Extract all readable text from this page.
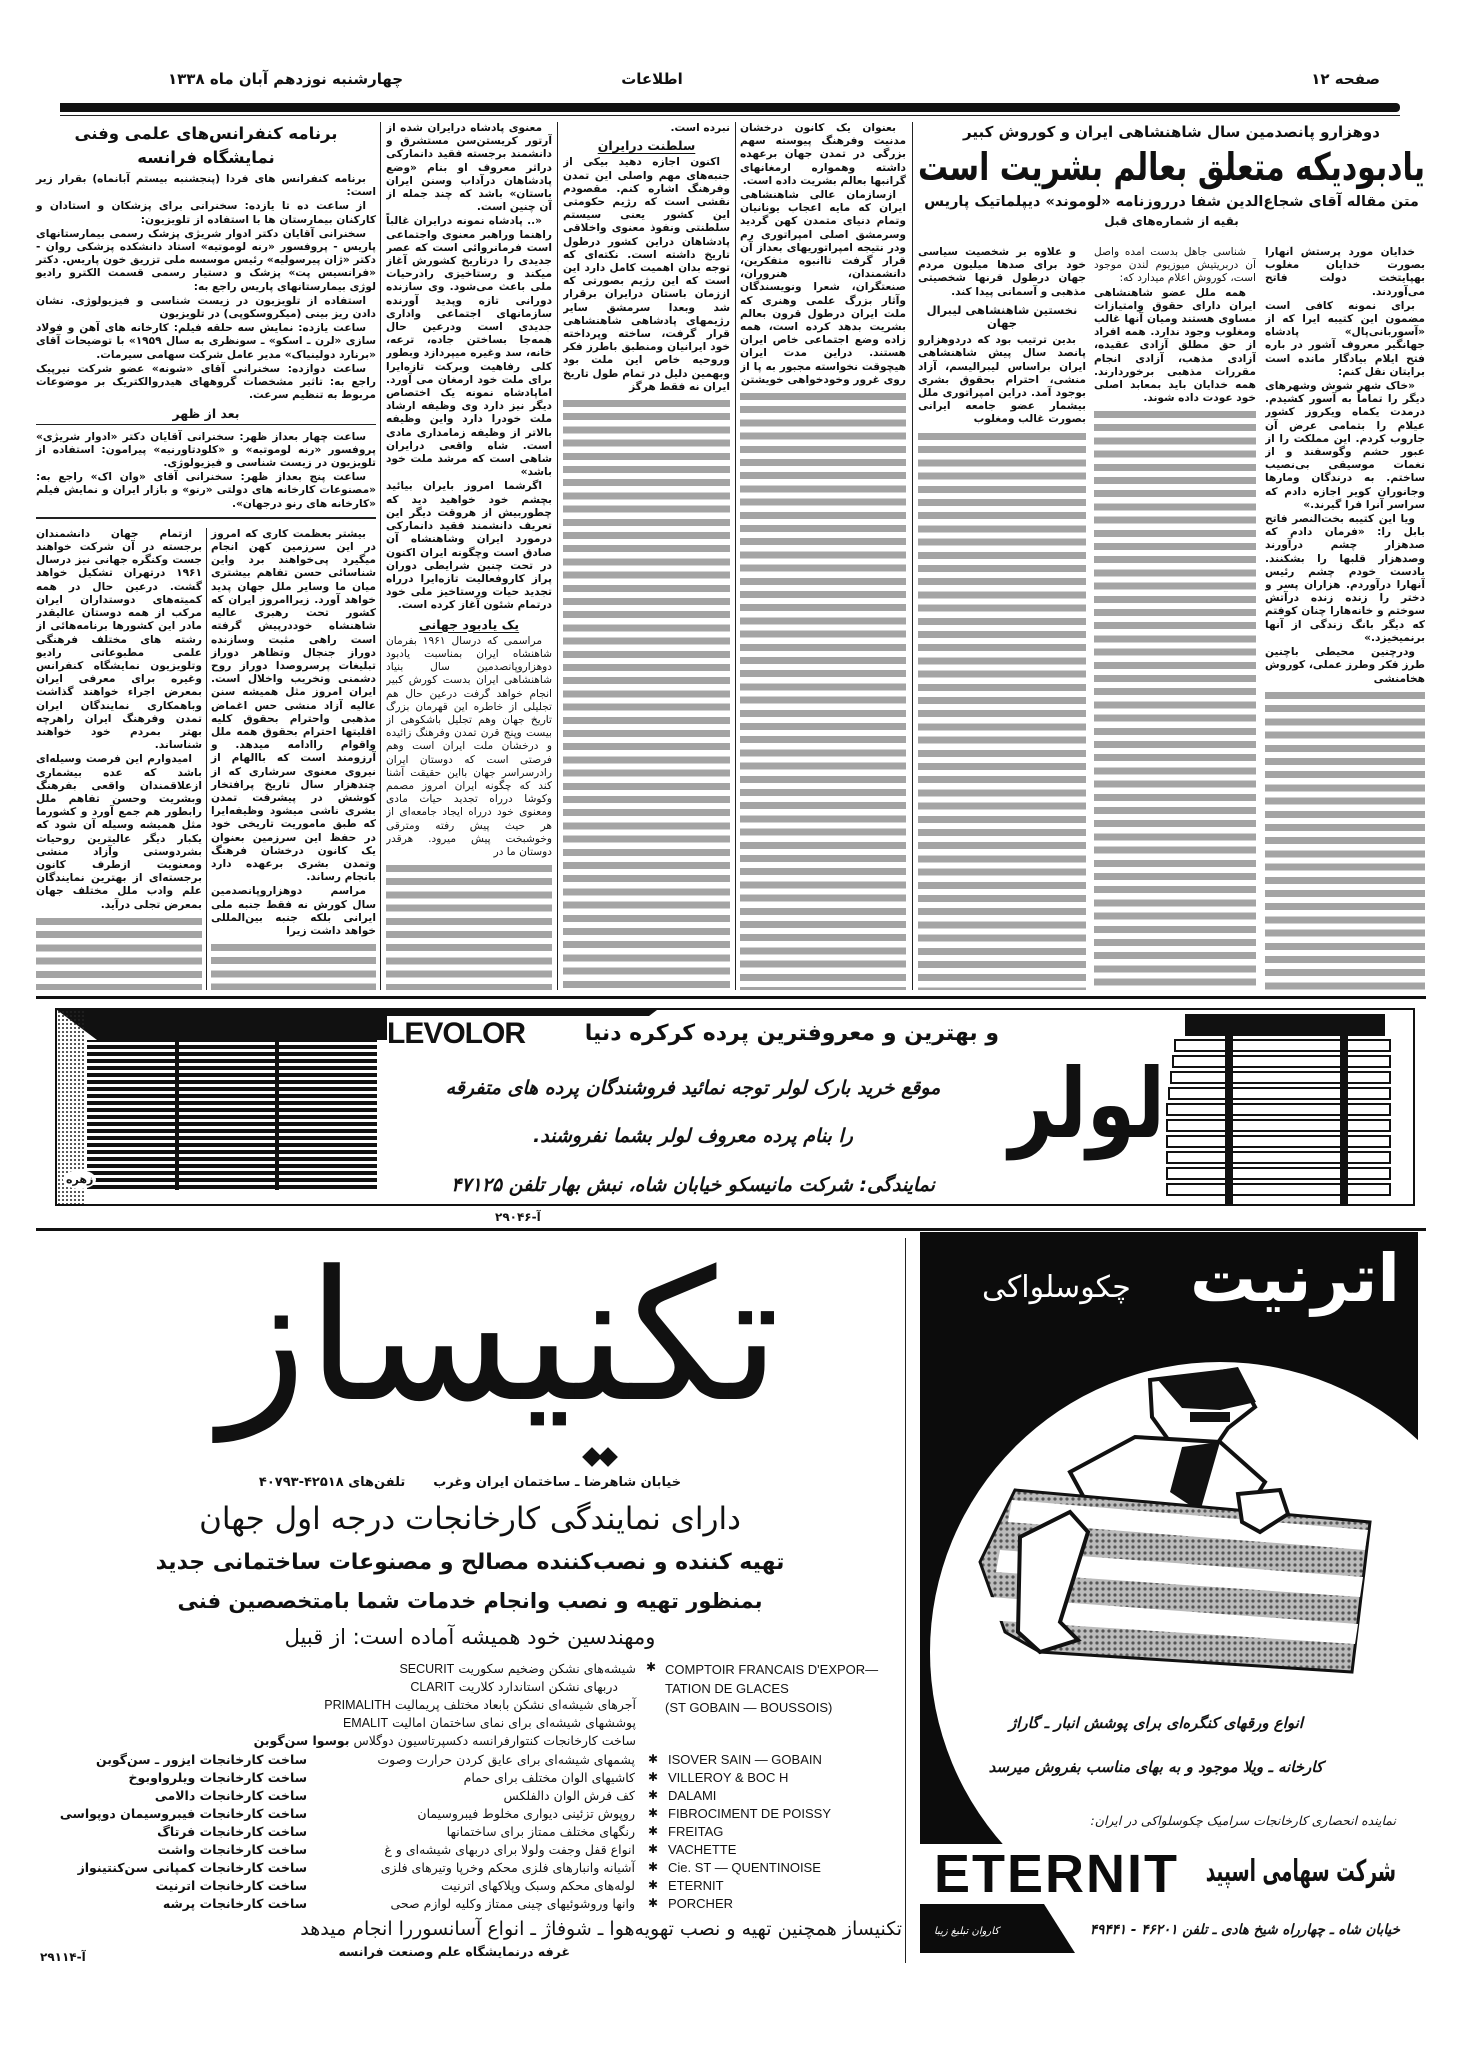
صفحه ۱۲
اطلاعات
چهارشنبه نوزدهم آبان ماه ۱۳۳۸
برنامه کنفرانس‌های علمی وفنی نمایشگاه فرانسه

برنامه کنفرانس های فردا (پنجشنبه بیستم آبانماه) بقرار زیر است:

از ساعت ده تا یازده: سخنرانی برای پزشکان و استادان و کارکنان بیمارستان ها با استفاده از تلویزیون:

سخنرانی آقایان دکتر ادوار شریژی پزشک رسمی بیمارستانهای پاریس - پروفسور «رنه لوموتیه» استاد دانشکده پزشکی روان - دکتر «ژان پیرسولیه» رئیس موسسه ملی تزریق خون پاریس. دکتر «فرانسیس پت» پزشک و دستیار رسمی قسمت الکترو رادیو لوژی بیمارستانهای پاریس راجع به:

استفاده از تلویزیون در زیست شناسی و فیزیولوژی. نشان دادن ریز بینی (میکروسکوپی) در تلویزیون

ساعت یازده: نمایش سه حلقه فیلم: کارخانه های آهن و فولاد سازی «لرن ـ اسکو» ـ سونظری به سال ۱۹۵۹» با توضیحات آقای «برنارد دولینیاک» مدیر عامل شرکت سهامی سیرمات.

ساعت دوازده: سخنرانی آقای «شونه» عضو شرکت نیرپیک راجع به: تاثیر مشخصات گروههای هیدروالکتریک بر موضوعات مربوط به تنظیم سرعت.

بعد از ظهر

ساعت چهار بعداز ظهر: سخنرانی آقایان دکتر «ادوار شریژی» پروفسور «رنه لوموتیه» و «کلودتاورنیه» پیرامون: استفاده از تلویزیون در زیست شناسی و فیزیولوژی.

ساعت پنج بعداز ظهر: سخنرانی آقای «وان اک» راجع به: «مصنوعات کارخانه های دولتی «رنو» و بازار ایران و نمایش فیلم «کارخانه های رنو درجهان».

ازتمام جهان دانشمندان برجسته در آن شرکت خواهند جست وکنگره جهانی نیز درسال ۱۹۶۱ درتهران تشکیل خواهد گشت. درعین حال در همه کمیته‌های دوستداران ایران مرکب از همه دوستان عالیقدر مادر این کشورها برنامه‌هائی از رشته های مختلف فرهنگی علمی مطبوعاتی رادیو وتلویزیون نمایشگاه کنفرانس وغیره برای معرفی ایران بمعرض اجراء خواهند گذاشت وباهمکاری نمایندگان ایران تمدن وفرهنگ ایران راهرچه بهتر بمردم خود خواهند شناساند.

امیدوارم این فرصت وسیله‌ای باشد که عده بیشماری ازعلاقمندان واقعی بفرهنگ وبشریت وحسن تفاهم ملل رابطور هم جمع آورد و کشورما مثل همیشه وسیله آن شود که یکبار دیگر عالیترین روحیات بشردوستی وآزاد منشی ومعنویت ازطرف کانون برجسته‌ای از بهترین نمایندگان علم وادب ملل مختلف جهان بمعرض تجلی درآید.

بیشتر بعظمت کاری که امروز در این سرزمین کهن انجام میگیرد پی‌خواهند برد واین شناسائی حسن تفاهم بیشتری میان ما وسایر ملل جهان پدید خواهد آورد. زیراامروز ایران که کشور تحت رهبری عالیه شاهنشاه خوددرپیش گرفته است راهی مثبت وسازنده دوراز جنجال وتظاهر دوراز تبلیغات پرسروصدا دوراز روح دشمنی وتخریب واخلال است. ایران امروز مثل همیشه سنن عالیه آزاد منشی حس اغماض مذهبی واحترام بحقوق کلیه اقلیتها احترام بحقوق همه ملل واقوام راادامه میدهد. و آرزومند است که باالهام از نیروی معنوی سرشاری که از چندهزار سال تاریخ پرافتخار کوشش در پیشرفت تمدن بشری ناشی میشود وظیفه‌ایرا که طبق ماموریت تاریخی خود در حفظ این سرزمین بعنوان یک کانون درخشان فرهنگ وتمدن بشری برعهده دارد بانجام رساند.

مراسم دوهزاروپانصدمین سال کورش نه فقط جنبه ملی ایرانی بلکه جنبه بین‌المللی خواهد داشت زیرا

معنوی پادشاه درایران شده از آرتور کریستن‌سن مستشرق و دانشمند برجسته فقید دانمارکی دراثر معروف او بنام «وضع پادشاهان درآداب وسنن ایران باستان» باشد که چند جمله از آن چنین است.

«.. پادشاه نمونه درایران غالباً راهنما وراهبر معنوی واجتماعی است فرمانروائی است که عصر جدیدی را درتاریخ کشورش آغاز میکند و رستاخیزی رادرحیات ملی باعث می‌شود. وی سازنده دورانی تازه وپدید آورنده سازمانهای اجتماعی واداری جدیدی است ودرعین حال همه‌جا بساختن جاده، ترعه، خانه، سد وغیره میپردازد وبطور کلی رفاهیت وبرکت تازه‌ایرا برای ملت خود ارمغان می آورد. اماپادشاه نمونه یک اختصاص دیگر نیز دارد وی وظیفه ارشاد ملت خودرا دارد واین وظیفه بالاتر از وظیفه زمامداری مادی است. شاه واقعی درایران شاهی است که مرشد ملت خود باشد»

اگرشما امروز بایران بیائید بچشم خود خواهید دید که چطوربیش از هروقت دیگر این تعریف دانشمند فقید دانمارکی درمورد ایران وشاهنشاه آن صادق است وچگونه ایران اکنون در تحت چنین شرایطی دوران پراز کاروفعالیت تازه‌ایرا درراه تجدید حیات ورستاخیز ملی خود درتمام شئون آغاز کرده است.

یک یادبود جهانی

مراسمی که درسال ۱۹۶۱ بفرمان شاهنشاه ایران بمناسبت یادبود دوهزاروپانصدمین سال بنیاد شاهنشاهی ایران بدست کورش کبیر انجام خواهد گرفت درعین حال هم تجلیلی از خاطره این قهرمان بزرگ تاریخ جهان وهم تجلیل باشکوهی از بیست وپنج قرن تمدن وفرهنگ زائیده و درخشان ملت ایران است وهم فرصتی است که دوستان ایران رادرسراسر جهان بااین حقیقت آشنا کند که چگونه ایران امروز مصمم وکوشا درراه تجدید حیات مادی ومعنوی خود درراه ایجاد جامعه‌ای از هر حیث پیش رفته ومترقی وخوشبخت پیش میرود. هرقدر دوستان ما در

نبرده است.
سلطنت درایران

اکنون اجازه دهید بیکی از جنبه‌های مهم واصلی این تمدن وفرهنگ اشاره کنم. مقصودم نقشی است که رژیم حکومتی این کشور یعنی سیستم سلطنتی ونفوذ معنوی واخلاقی پادشاهان دراین کشور درطول تاریخ داشته است. نکته‌ای که توجه بدان اهمیت کامل دارد این است که این رژیم بصورتی که اززمان باستان درایران برقرار شد وبعدا سرمشق سایر رژیمهای پادشاهی شاهنشاهی قرار گرفت، ساخته وپرداخته خود ایرانیان ومنطبق باطرز فکر وروحیه خاص این ملت بود وبهمین دلیل در تمام طول تاریخ ایران نه فقط هرگز

بعنوان یک کانون درخشان مدنیت وفرهنگ پیوسته سهم بزرگی در تمدن جهان برعهده داشته وهمواره ارمغانهای گرانبها بعالم بشریت داده است.

ازسازمان عالی شاهنشاهی ایران که مایه اعجاب یونانیان وتمام دنیای متمدن کهن گردید وسرمشق اصلی امپراتوری رم ودر نتیجه امپراتوریهای بعداز آن قرار گرفت تاانبوه متفکرین، دانشمندان، هنروران، صنعتگران، شعرا ونویسندگان وآثار بزرگ علمی وهنری که ملت ایران درطول قرون بعالم بشریت بدهد کرده است، همه زاده وضع اجتماعی خاص ایران هستند. دراین مدت ایران هیچوقت نخواسته مجبور به پا از روی غرور وخودخواهی خویشتن

دوهزارو پانصدمین سال شاهنشاهی ایران و کوروش کبیر
یادبودیکه متعلق بعالم بشریت است
متن مقاله آقای شجاع‌الدین شفا درروزنامه «لوموند» دیپلماتیک پاریس
بقیه از شماره‌های قبل

و علاوه بر شخصیت سیاسی خود برای صدها میلیون مردم جهان درطول قرنها شخصیتی مذهبی و آسمانی پیدا کند.

نخستین شاهنشاهی لیبرال جهان

بدین ترتیب بود که دردوهزارو پانصد سال پیش شاهنشاهی ایران براساس لیبرالیسم، آزاد منشی، احترام بحقوق بشری بوجود آمد. دراین امپراتوری ملل بیشمار عضو جامعه ایرانی بصورت غالب ومغلوب

شناسی جاهل بدست آمده واصل آن دربریتیش میوزیوم لندن موجود است، کوروش اعلام میدارد که:

همه ملل عضو شاهنشاهی ایران دارای حقوق وامتیازات مساوی هستند ومیان آنها غالب ومغلوب وجود ندارد. همه افراد از حق مطلق آزادی عقیده، آزادی مذهب، آزادی انجام مقررات مذهبی برخوردارند. همه خدایان باید بمعابد اصلی خود عودت داده شوند.

خدایان مورد پرستش آنهارا بصورت خدایان مغلوب بهپایتخت دولت فاتح می‌آوردند.

برای نمونه کافی است مضمون این کتیبه ایرا که از «آسوربانی‌پال» پادشاه جهانگیر معروف آشور در باره فتح ایلام بیادگار مانده است برایتان نقل کنم:

«خاک شهر شوش وشهرهای دیگر را تماماً به آسور کشیدم. درمدت یکماه ویکروز کشور عیلام را بتمامی عرض آن جاروب کردم. این مملکت را از عبور حشم وگوسفند و از نغمات موسیقی بی‌نصیب ساختم. به درندگان ومارها وجانوران کویر اجازه دادم که سراسر آنرا فرا گیرند.»

ویا این کتیبه بخت‌النصر فاتح بابل را: «فرمان دادم که صدهزار چشم درآورند وصدهزار قلبها را بشکنند. بادست خودم چشم رئیس آنهارا درآوردم. هزاران پسر و دختر را زنده زنده درآتش سوختم و خانه‌هارا چنان کوفتم که دیگر بانگ زندگی از آنها برنمیخیزد.»

ودرچنین محیطی باچنین طرز فکر وطرز عملی، کوروش هخامنشی

زهره
LEVOLOR	و بهترین و معروفترین پرده کرکره دنیا
موقع خرید بارک لولر توجه نمائید فروشندگان پرده های متفرقه
را بنام پرده معروف لولر بشما نفروشند.
نمایندگی: شرکت مانیسکو خیابان شاه، نبش بهار تلفن ۴۷۱۲۵
لولر
آ-۲۹۰۴۶
تکنیساز
خیابان شاهرضا ـ ساختمان ایران وغرب
تلفن‌های ۴۲۵۱۸-۴۰۷۹۳
دارای نمایندگی کارخانجات درجه اول جهان
تهیه کننده و نصب‌کننده مصالح و مصنوعات ساختمانی جدید
بمنظور تهیه و نصب وانجام خدمات شما بامتخصصین فنی
ومهندسین خود همیشه آماده است: از قبیل
COMPTOIR FRANCAIS D'EXPOR—
TATION DE GLACES
(ST GOBAIN — BOUSSOIS)
✱
شیشه‌های نشکن وضخیم سکوریت SECURIT
دربهای نشکن استاندارد کلاریت CLARIT
آجرهای شیشه‌ای نشکن بابعاد مختلف پریمالیت PRIMALITH
پوششهای شیشه‌ای برای نمای ساختمان امالیت EMALIT
ساخت کارخانجات کنتوارفرانسه دکسپرتاسیون دوگلاس بوسوا سن‌گوبن
✱ ISOVER SAIN — GOBAIN
پشمهای شیشه‌ای برای عایق کردن حرارت وصوت
ساخت کارخانجات ایزور ـ سن‌گوبن
✱ VILLEROY & BOC H
کاشیهای الوان مختلف برای حمام
ساخت کارخانجات ویلرواوبوخ
✱ DALAMI
کف فرش الوان دالفلکس
ساخت کارخانجات دالامی
✱ FIBROCIMENT DE POISSY
روپوش تزئینی دیواری مخلوط فیبروسیمان
ساخت کارخانجات فیبروسیمان دوپواسی
✱ FREITAG
رنگهای مختلف ممتاز برای ساختمانها
ساخت کارخانجات فرتاگ
✱ VACHETTE
انواع قفل وجفت ولولا برای دربهای شیشه‌ای و غ
ساخت کارخانجات واشت
✱ Cie. ST — QUENTINOISE
آشیانه وانبارهای فلزی محکم وخرپا وتیرهای فلزی
ساخت کارخانجات کمپانی سن‌کنتینواز
✱ ETERNIT
لوله‌های محکم وسبک وپلاکهای اترنیت
ساخت کارخانجات اترنیت
✱ PORCHER
وانها وروشوئیهای چینی ممتاز وکلیه لوازم صحی
ساخت کارخانجات پرشه
تکنیساز همچنین تهیه و نصب تهویه‌هوا ـ شوفاژ ـ انواع آسانسوررا انجام میدهد
غرفه درنمایشگاه علم وصنعت فرانسه
آ-۲۹۱۱۴
اترنیت
چکوسلواکی
انواع ورقهای کنگره‌ای برای پوشش انبار ـ گاراژ
کارخانه ـ ویلا موجود و به بهای مناسب بفروش میرسد
نماینده انحصاری کارخانجات سرامیک چکوسلواکی در ایران:
ETERNIT شرکت سهامی اسپید
کاروان تبلیغ زیبا	خیابان شاه ـ چهارراه شیخ هادی ـ تلفن ۴۶۲۰۱ - ۴۹۴۴۱
